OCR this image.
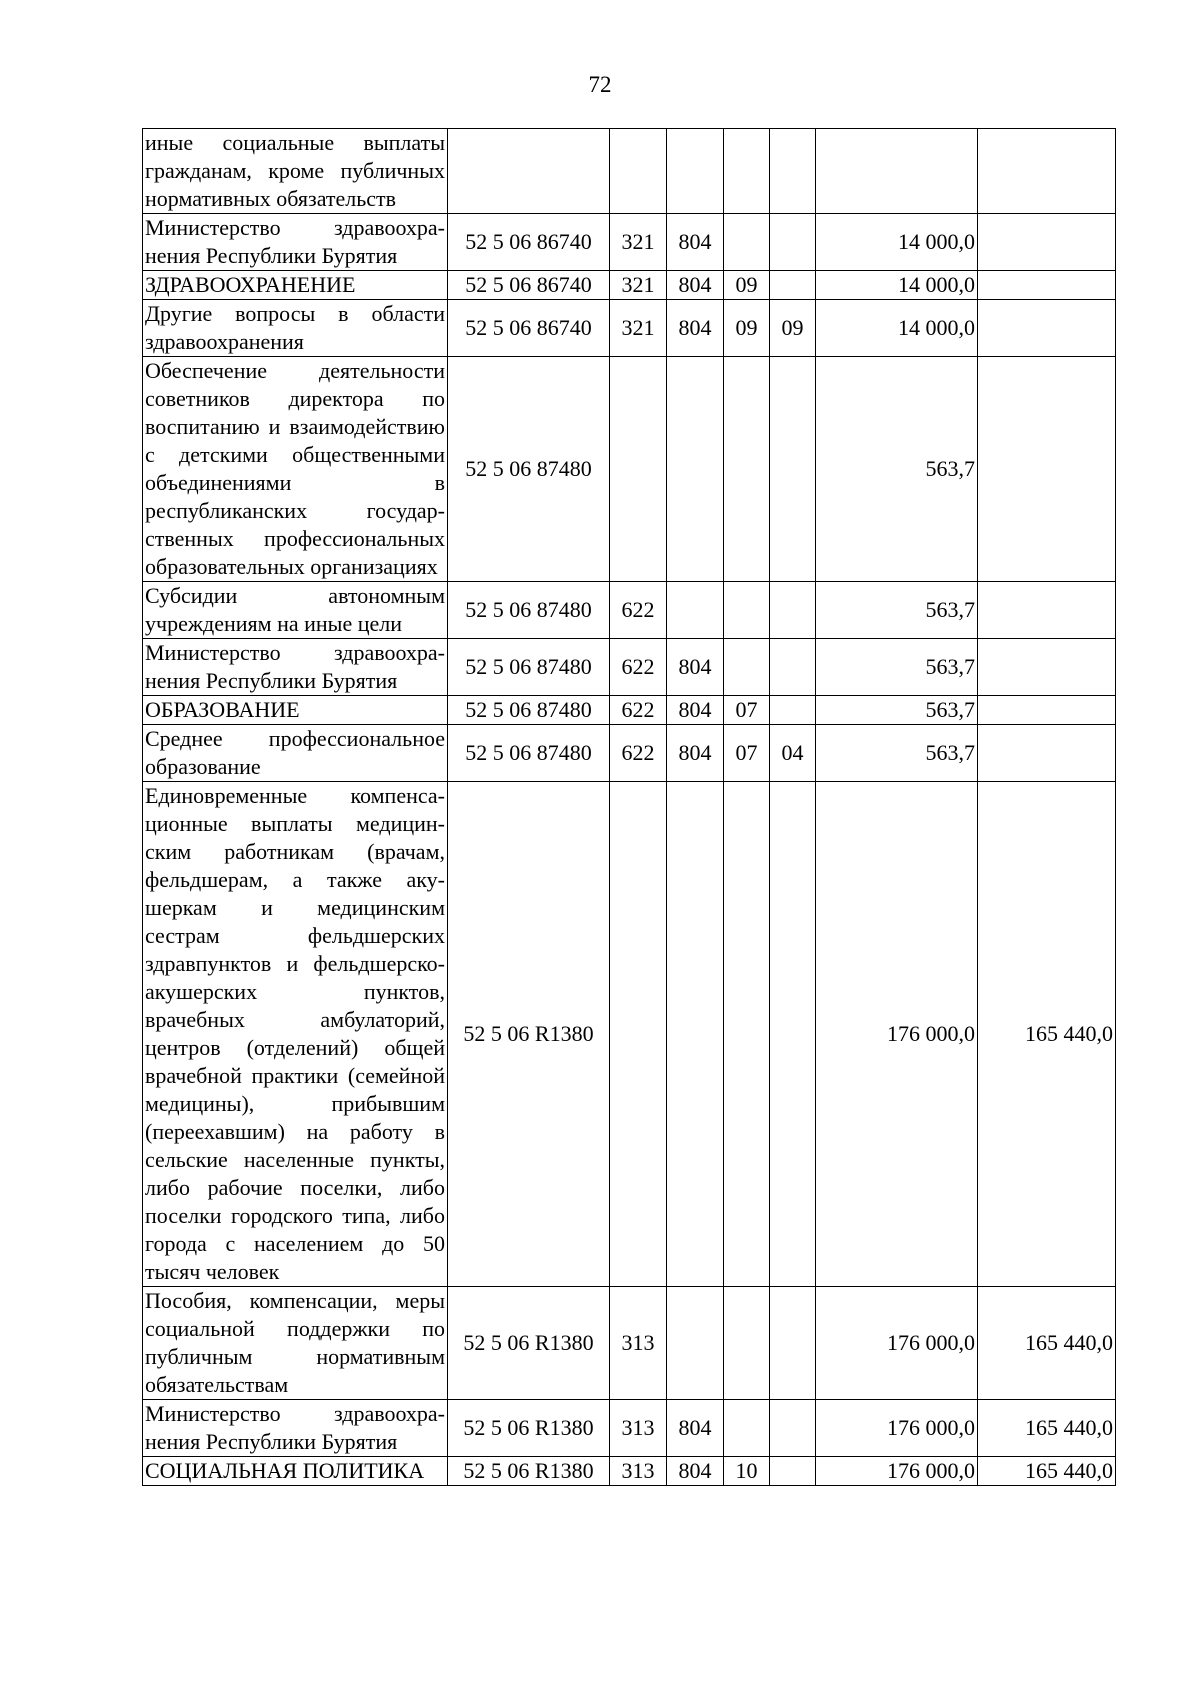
72
иные социальные выплаты гражданам, кроме публичных нормативных обязательств							
Министерство здравоохранения Республики Бурятия	52 5 06 86740	321	804			14 000,0	
ЗДРАВООХРАНЕНИЕ	52 5 06 86740	321	804	09		14 000,0	
Другие вопросы в области здравоохранения	52 5 06 86740	321	804	09	09	14 000,0	
Обеспечение деятельности советников директора по воспитанию и взаимодействию с детскими общественными объединениями в республиканских государственных профессиональных образовательных организациях	52 5 06 87480					563,7	
Субсидии автономным учреждениям на иные цели	52 5 06 87480	622				563,7	
Министерство здравоохранения Республики Бурятия	52 5 06 87480	622	804			563,7	
ОБРАЗОВАНИЕ	52 5 06 87480	622	804	07		563,7	
Среднее профессиональное образование	52 5 06 87480	622	804	07	04	563,7	
Единовременные компенсационные выплаты медицинским работникам (врачам, фельдшерам, а также акушеркам и медицинским сестрам фельдшерских здравпунктов и фельдшерско-акушерских пунктов, врачебных амбулаторий, центров (отделений) общей врачебной практики (семейной медицины), прибывшим (переехавшим) на работу в сельские населенные пункты, либо рабочие поселки, либо поселки городского типа, либо города с населением до 50 тысяч человек	52 5 06 R1380					176 000,0	165 440,0
Пособия, компенсации, меры социальной поддержки по публичным нормативным обязательствам	52 5 06 R1380	313				176 000,0	165 440,0
Министерство здравоохранения Республики Бурятия	52 5 06 R1380	313	804			176 000,0	165 440,0
СОЦИАЛЬНАЯ ПОЛИТИКА	52 5 06 R1380	313	804	10		176 000,0	165 440,0
